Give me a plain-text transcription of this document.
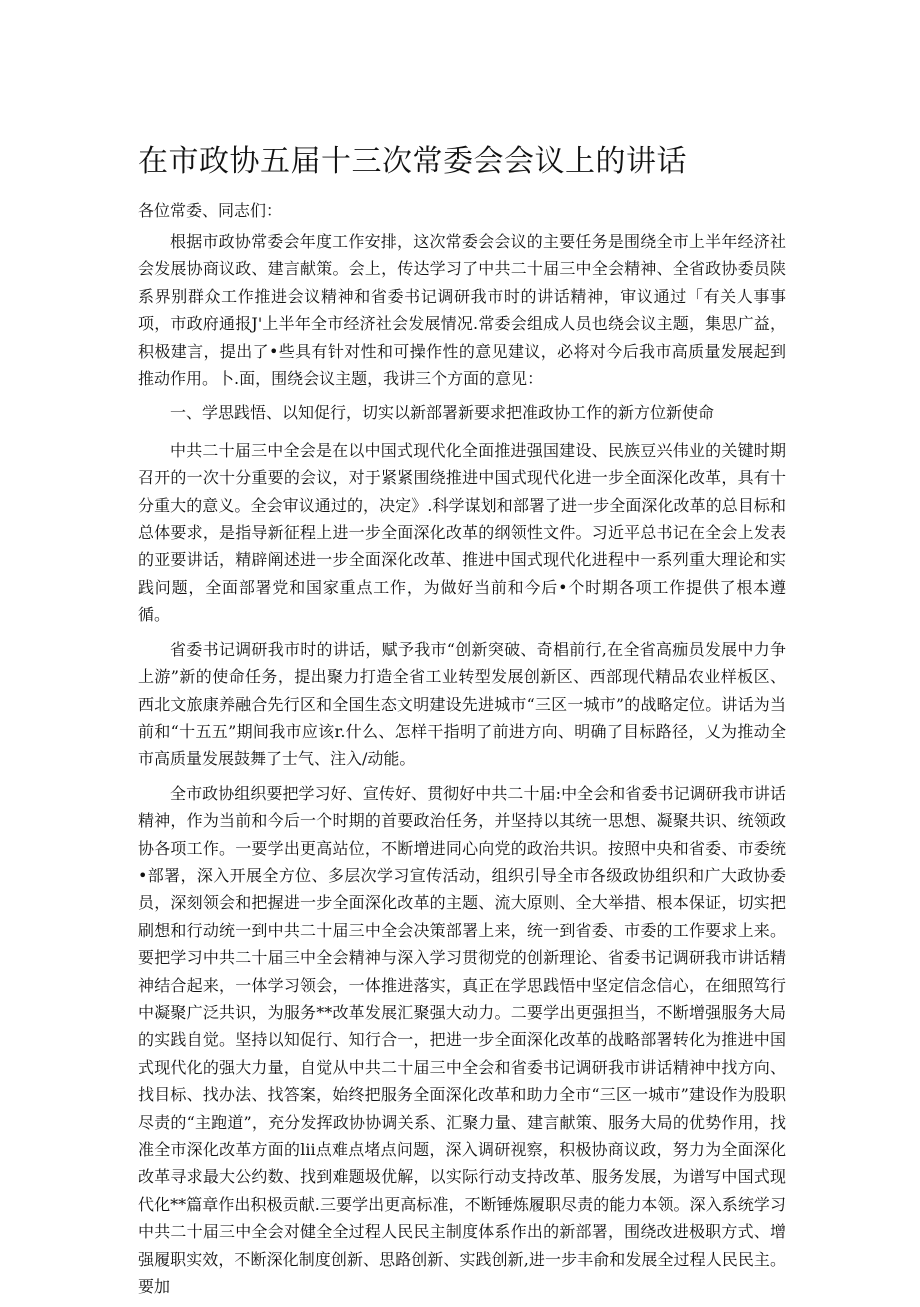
在市政协五届十三次常委会会议上的讲话

各位常委、同志们：

根据市政协常委会年度工作安排，这次常委会会议的主要任务是围绕全市上半年经济社会发展协商议政、建言献策。会上，传达学习了中共二十届三中全会精神、全省政协委员陕系界别群众工作推进会议精神和省委书记调研我市时的讲话精神，审议通过「有关人事事项，市政府通报J'上半年全市经济社会发展情况.常委会组成人员也绕会议主题，集思广益，积极建言，提出了•些具有针对性和可操作性的意见建议，必将对今后我市高质量发展起到推动作用。卜.面，围绕会议主题，我讲三个方面的意见：

一、学思践悟、以知促行，切实以新部署新要求把准政协工作的新方位新使命

中共二十届三中全会是在以中国式现代化全面推进强国建设、民族豆兴伟业的关键时期召开的一次十分重要的会议，对于紧紧围绕推进中国式现代化进一步全面深化改革，具有十分重大的意义。全会审议通过的，决定》.科学谋划和部署了进一步全面深化改革的总目标和总体要求，是指导新征程上进一步全面深化改革的纲领性文件。习近平总书记在全会上发表的亚要讲话，精辟阐述进一步全面深化改革、推进中国式现代化进程中一系列重大理论和实践问题，全面部署党和国家重点工作，为做好当前和今后•个时期各项工作提供了根本遵循。

省委书记调研我市时的讲话，赋予我市“创新突破、奇椙前行,在全省高痂员发展中力争上游”新的使命任务，提出聚力打造全省工业转型发展创新区、西部现代精品农业样板区、西北文旅康养融合先行区和全国生态文明建设先进城市“三区一城市”的战略定位。讲话为当前和“十五五”期间我市应该r.什么、怎样干指明了前进方向、明确了目标路径，乂为推动全市高质量发展鼓舞了士气、注入/动能。

全市政协组织要把学习好、宣传好、贯彻好中共二十届:中全会和省委书记调研我市讲话精神，作为当前和今后一个时期的首要政治任务，并坚持以其统一思想、凝聚共识、统领政协各项工作。一要学出更高站位，不断增进同心向党的政治共识。按照中央和省委、市委统•部署，深入开展全方位、多层次学习宣传活动，组织引导全市各级政协组织和广大政协委员，深刻领会和把握进一步全面深化改革的主题、流大原则、全大举措、根本保证，切实把刷想和行动统一到中共二十届三中全会决策部署上来，统一到省委、市委的工作要求上来。要把学习中共二十届三中全会精神与深入学习贯彻党的创新理论、省委书记调研我市讲话精神结合起来，一体学习领会，一体推进落实，真正在学思践悟中坚定信念信心，在细照笃行中凝聚广泛共识，为服务**改革发展汇聚强大动力。二要学出更强担当，不断增强服务大局的实践自觉。坚持以知促行、知行合一，把进一步全面深化改革的战略部署转化为推进中国式现代化的强大力量，自觉从中共二十届三中全会和省委书记调研我市讲话精神中找方向、找目标、找办法、找答案，始终把服务全面深化改革和助力全市“三区一城市”建设作为股职尽责的“主跑道”，充分发挥政协协调关系、汇聚力量、建言献策、服务大局的优势作用，找准全市深化改革方面的lii点难点堵点问题，深入调研视察，积极协商议政，努力为全面深化改革寻求最大公约数、找到难题圾优解，以实际行动支持改革、服务发展，为谱写中国式现代化**篇章作出积极贡献.三要学出更高标准，不断锤炼履职尽责的能力本领。深入系统学习中共二十届三中全会对健全全过程人民民主制度体系作出的新部署，围绕改进极职方式、增强履职实效，不断深化制度创新、思路创新、实践创新,进一步丰俞和发展全过程人民民主。要加
